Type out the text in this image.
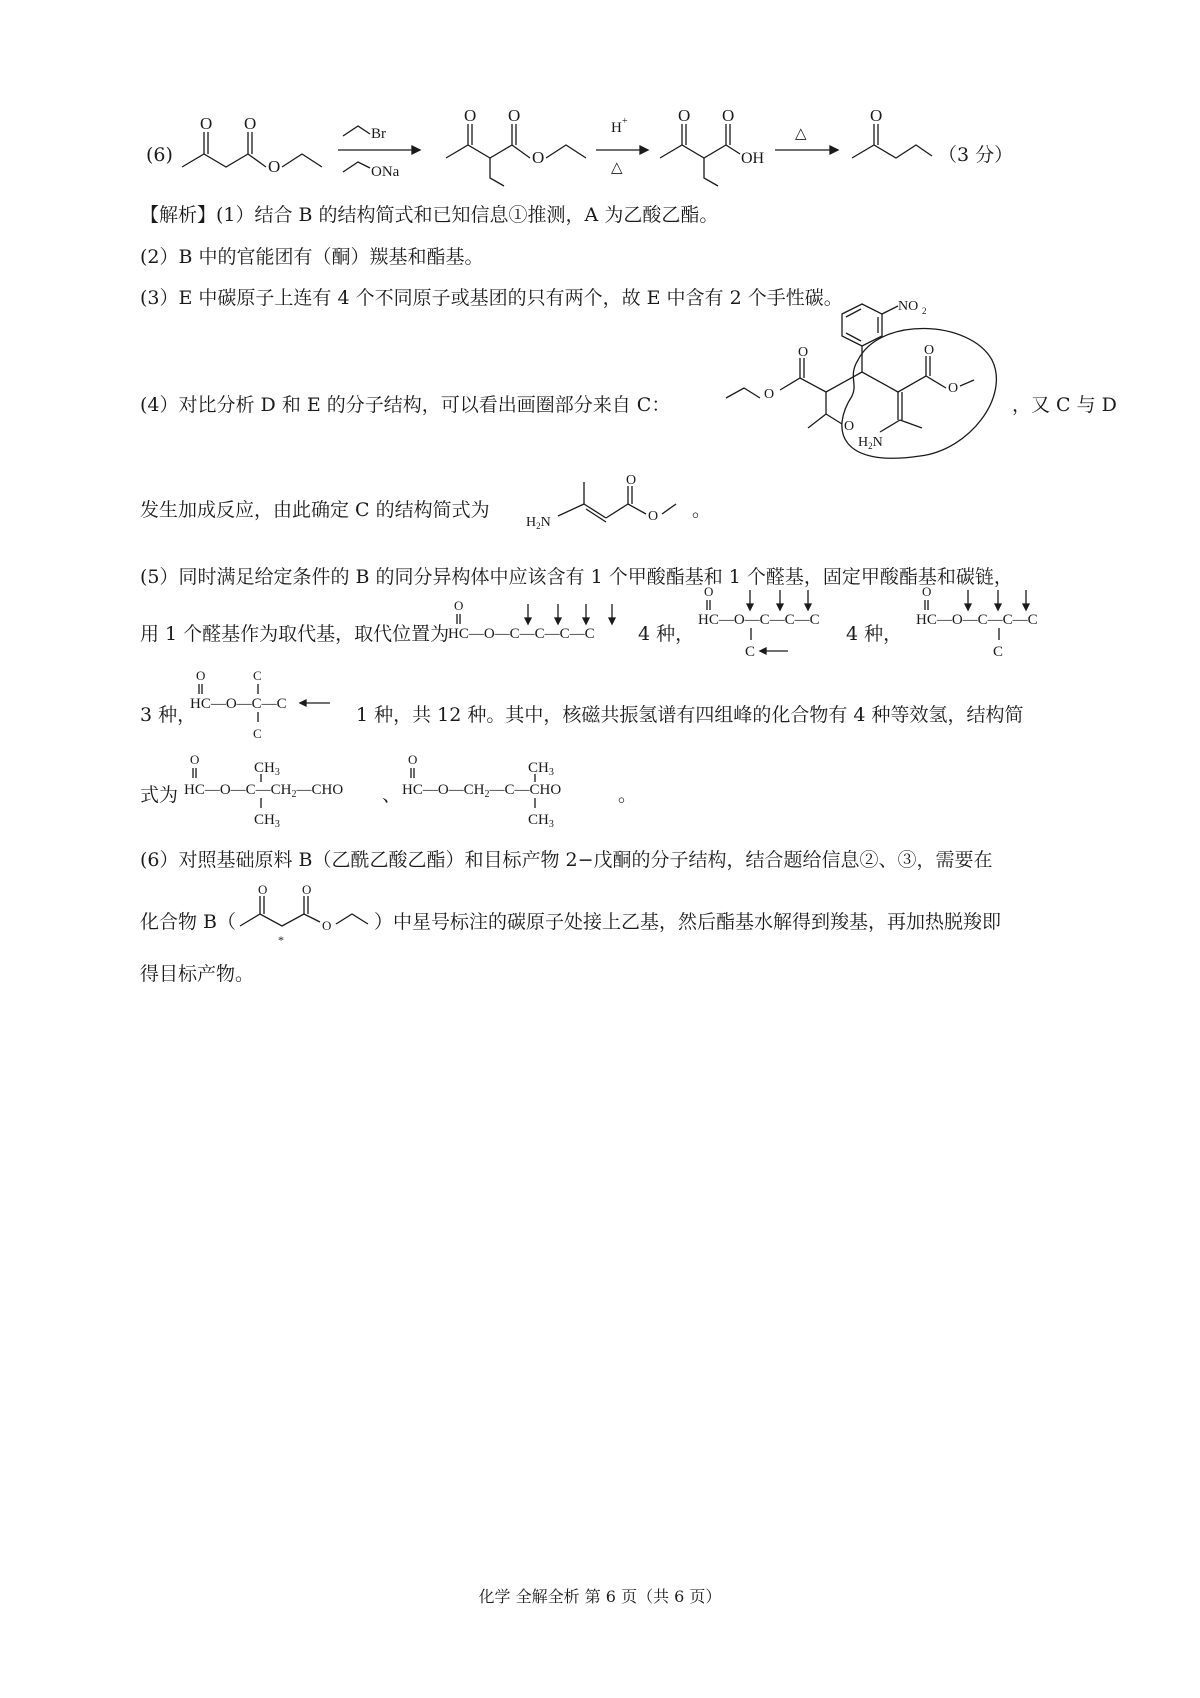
(6)
O O
O
Br
ONa
O O
O
H +
△
O O
OH
△
O
（3 分）
【解析】(1）结合 B 的结构简式和已知信息①推测，A 为乙酸乙酯。
(2）B 中的官能团有（酮）羰基和酯基。
(3）E 中碳原子上连有 4 个不同原子或基团的只有两个，故 E 中含有 2 个手性碳。
(4）对比分析 D 和 E 的分子结构，可以看出画圈部分来自 C：
NO 2
O
O
O
O
O
$H_2N$
，又 C 与 D
发生加成反应，由此确定 C 的结构简式为
O
O
$H_2N$
。
(5）同时满足给定条件的 B 的同分异构体中应该含有 1 个甲酸酯基和 1 个醛基，固定甲酸酯基和碳链，
用 1 个醛基作为取代基，取代位置为
O
HC—O—C—C—C—C 4 种，
O
HC—O—C—C—C
C
4 种，
O
HC—O—C—C—C
C
3 种，
O	C
HC—O—C—C
C
1 种，共 12 种。其中，核磁共振氢谱有四组峰的化合物有 4 种等效氢，结构简
式为
O
$CH_3$
$HC—O—C—CH_2—CHO$
$CH_3$
、
O
$CH_3$
$HC—O—CH_2—C—CHO$
$CH_3$
。
(6）对照基础原料 B（乙酰乙酸乙酯）和目标产物 2−戊酮的分子结构，结合题给信息②、③，需要在
化合物 B（
O	O
O
*
）中星号标注的碳原子处接上乙基，然后酯基水解得到羧基，再加热脱羧即
得目标产物。
化学 全解全析 第 6 页（共 6 页）
